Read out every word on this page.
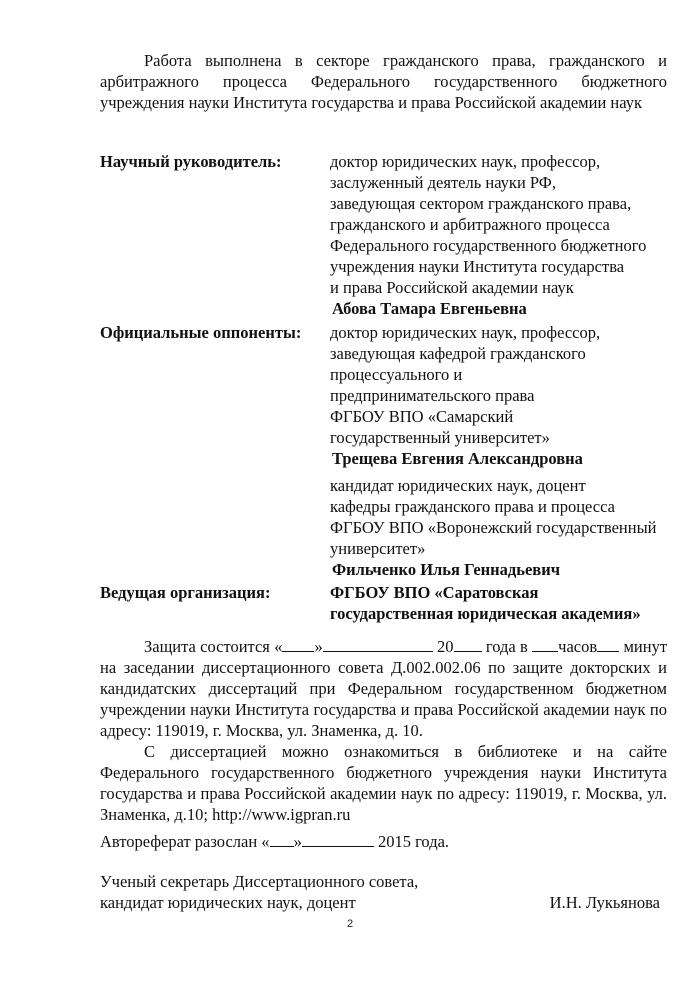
Работа выполнена в секторе гражданского права, гражданского и арбитражного процесса Федерального государственного бюджетного учреждения науки Института государства и права Российской академии наук
Научный руководитель:	доктор юридических наук, профессор,
заслуженный деятель науки РФ,
заведующая сектором гражданского права,
гражданского и арбитражного процесса
Федерального государственного бюджетного
учреждения науки Института государства
и права Российской академии наук
Абова Тамара Евгеньевна
Официальные оппоненты: доктор юридических наук, профессор,
заведующая кафедрой гражданского
процессуального и
предпринимательского права
ФГБОУ ВПО «Самарский
государственный университет»
Трещева Евгения Александровна
кандидат юридических наук, доцент
кафедры гражданского права и процесса
ФГБОУ ВПО «Воронежский государственный
университет»
Фильченко Илья Геннадьевич
Ведущая организация:	ФГБОУ ВПО «Саратовская
государственная юридическая академия»
Защита состоится « »	20 года в часов минут на заседании диссертационного совета Д.002.002.06 по защите докторских и кандидатских диссертаций при Федеральном государственном бюджетном учреждении науки Института государства и права Российской академии наук по адресу: 119019, г. Москва, ул. Знаменка, д. 10.
С диссертацией можно ознакомиться в библиотеке и на сайте Федерального государственного бюджетного учреждения науки Института государства и права Российской академии наук по адресу: 119019, г. Москва, ул. Знаменка, д.10; http://www.igpran.ru
Автореферат разослан « »	2015 года.
Ученый секретарь Диссертационного совета,
кандидат юридических наук, доцент	И.Н. Лукьянова
2
